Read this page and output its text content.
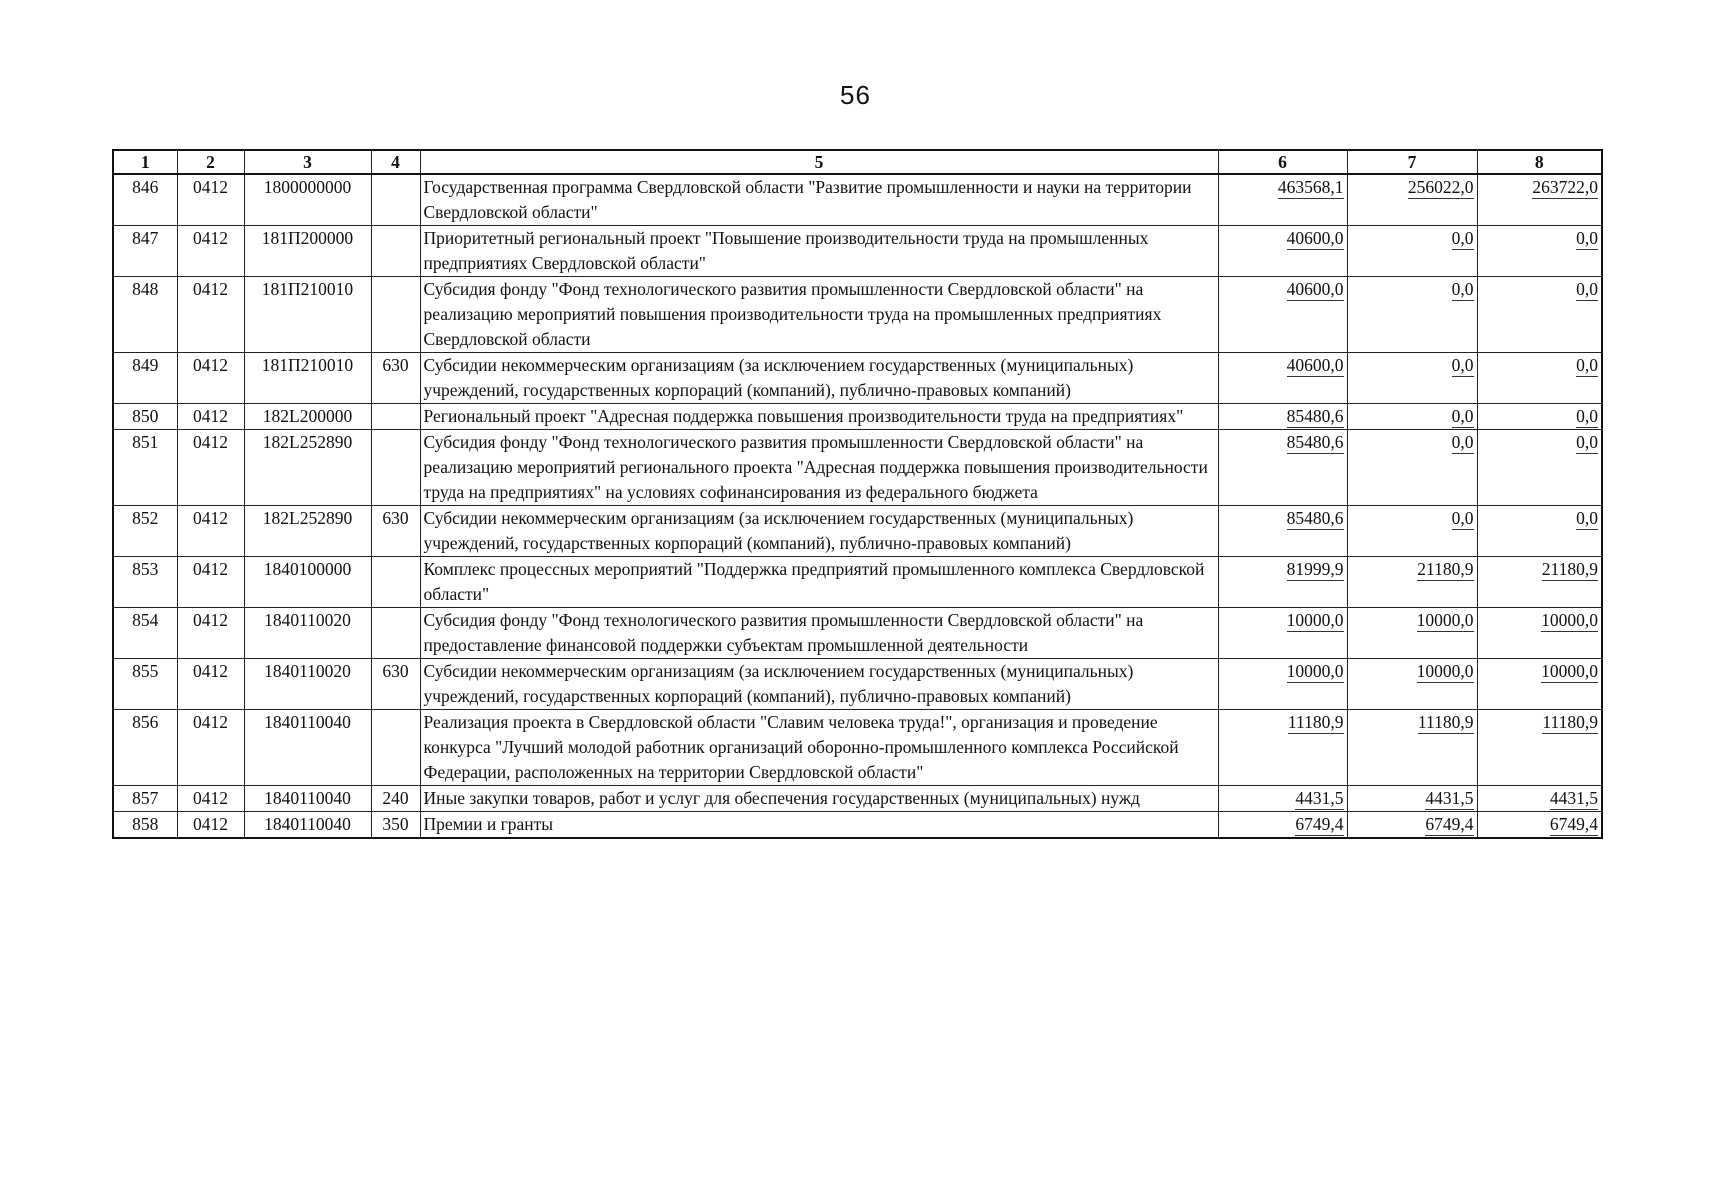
56
1	2	3	4	5	6	7	8
846	0412	1800000000		Государственная программа Свердловской области "Развитие промышленности и науки на территории Свердловской области"	463568,1	256022,0	263722,0
847	0412	181П200000		Приоритетный региональный проект "Повышение производительности труда на промышленных предприятиях Свердловской области"	40600,0	0,0	0,0
848	0412	181П210010		Субсидия фонду "Фонд технологического развития промышленности Свердловской области" на реализацию мероприятий повышения производительности труда на промышленных предприятиях Свердловской области	40600,0	0,0	0,0
849	0412	181П210010	630	Субсидии некоммерческим организациям (за исключением государственных (муниципальных) учреждений, государственных корпораций (компаний), публично-правовых компаний)	40600,0	0,0	0,0
850	0412	182L200000		Региональный проект "Адресная поддержка повышения производительности труда на предприятиях"	85480,6	0,0	0,0
851	0412	182L252890		Субсидия фонду "Фонд технологического развития промышленности Свердловской области" на реализацию мероприятий регионального проекта "Адресная поддержка повышения производительности труда на предприятиях" на условиях софинансирования из федерального бюджета	85480,6	0,0	0,0
852	0412	182L252890	630	Субсидии некоммерческим организациям (за исключением государственных (муниципальных) учреждений, государственных корпораций (компаний), публично-правовых компаний)	85480,6	0,0	0,0
853	0412	1840100000		Комплекс процессных мероприятий "Поддержка предприятий промышленного комплекса Свердловской области"	81999,9	21180,9	21180,9
854	0412	1840110020		Субсидия фонду "Фонд технологического развития промышленности Свердловской области" на предоставление финансовой поддержки субъектам промышленной деятельности	10000,0	10000,0	10000,0
855	0412	1840110020	630	Субсидии некоммерческим организациям (за исключением государственных (муниципальных) учреждений, государственных корпораций (компаний), публично-правовых компаний)	10000,0	10000,0	10000,0
856	0412	1840110040		Реализация проекта в Свердловской области "Славим человека труда!", организация и проведение конкурса "Лучший молодой работник организаций оборонно-промышленного комплекса Российской Федерации, расположенных на территории Свердловской области"	11180,9	11180,9	11180,9
857	0412	1840110040	240	Иные закупки товаров, работ и услуг для обеспечения государственных (муниципальных) нужд	4431,5	4431,5	4431,5
858	0412	1840110040	350	Премии и гранты	6749,4	6749,4	6749,4
